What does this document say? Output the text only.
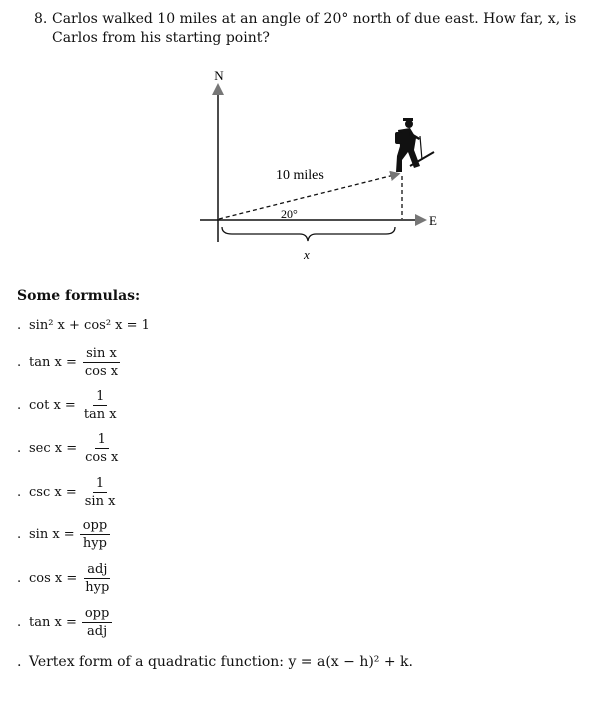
8. Carlos walked 10 miles at an angle of 20° north of due east. How far, x, is Carlos from his starting point?
N
E
10 miles
20°
x
Some formulas:
. sin² x + cos² x = 1
. $\tan x = \frac{\text{sin x}}{\text{cos x}}$
. $\cot x = \frac{1}{\text{tan x}}$
. $\sec x = \frac{1}{\text{cos x}}$
. $\csc x = \frac{1}{\text{sin x}}$
. $\sin x = \frac{\text{opp}}{\text{hyp}}$
. $\cos x = \frac{\text{adj}}{\text{hyp}}$
. $\tan x = \frac{\text{opp}}{\text{adj}}$
. Vertex form of a quadratic function: y = a(x − h)² + k.
